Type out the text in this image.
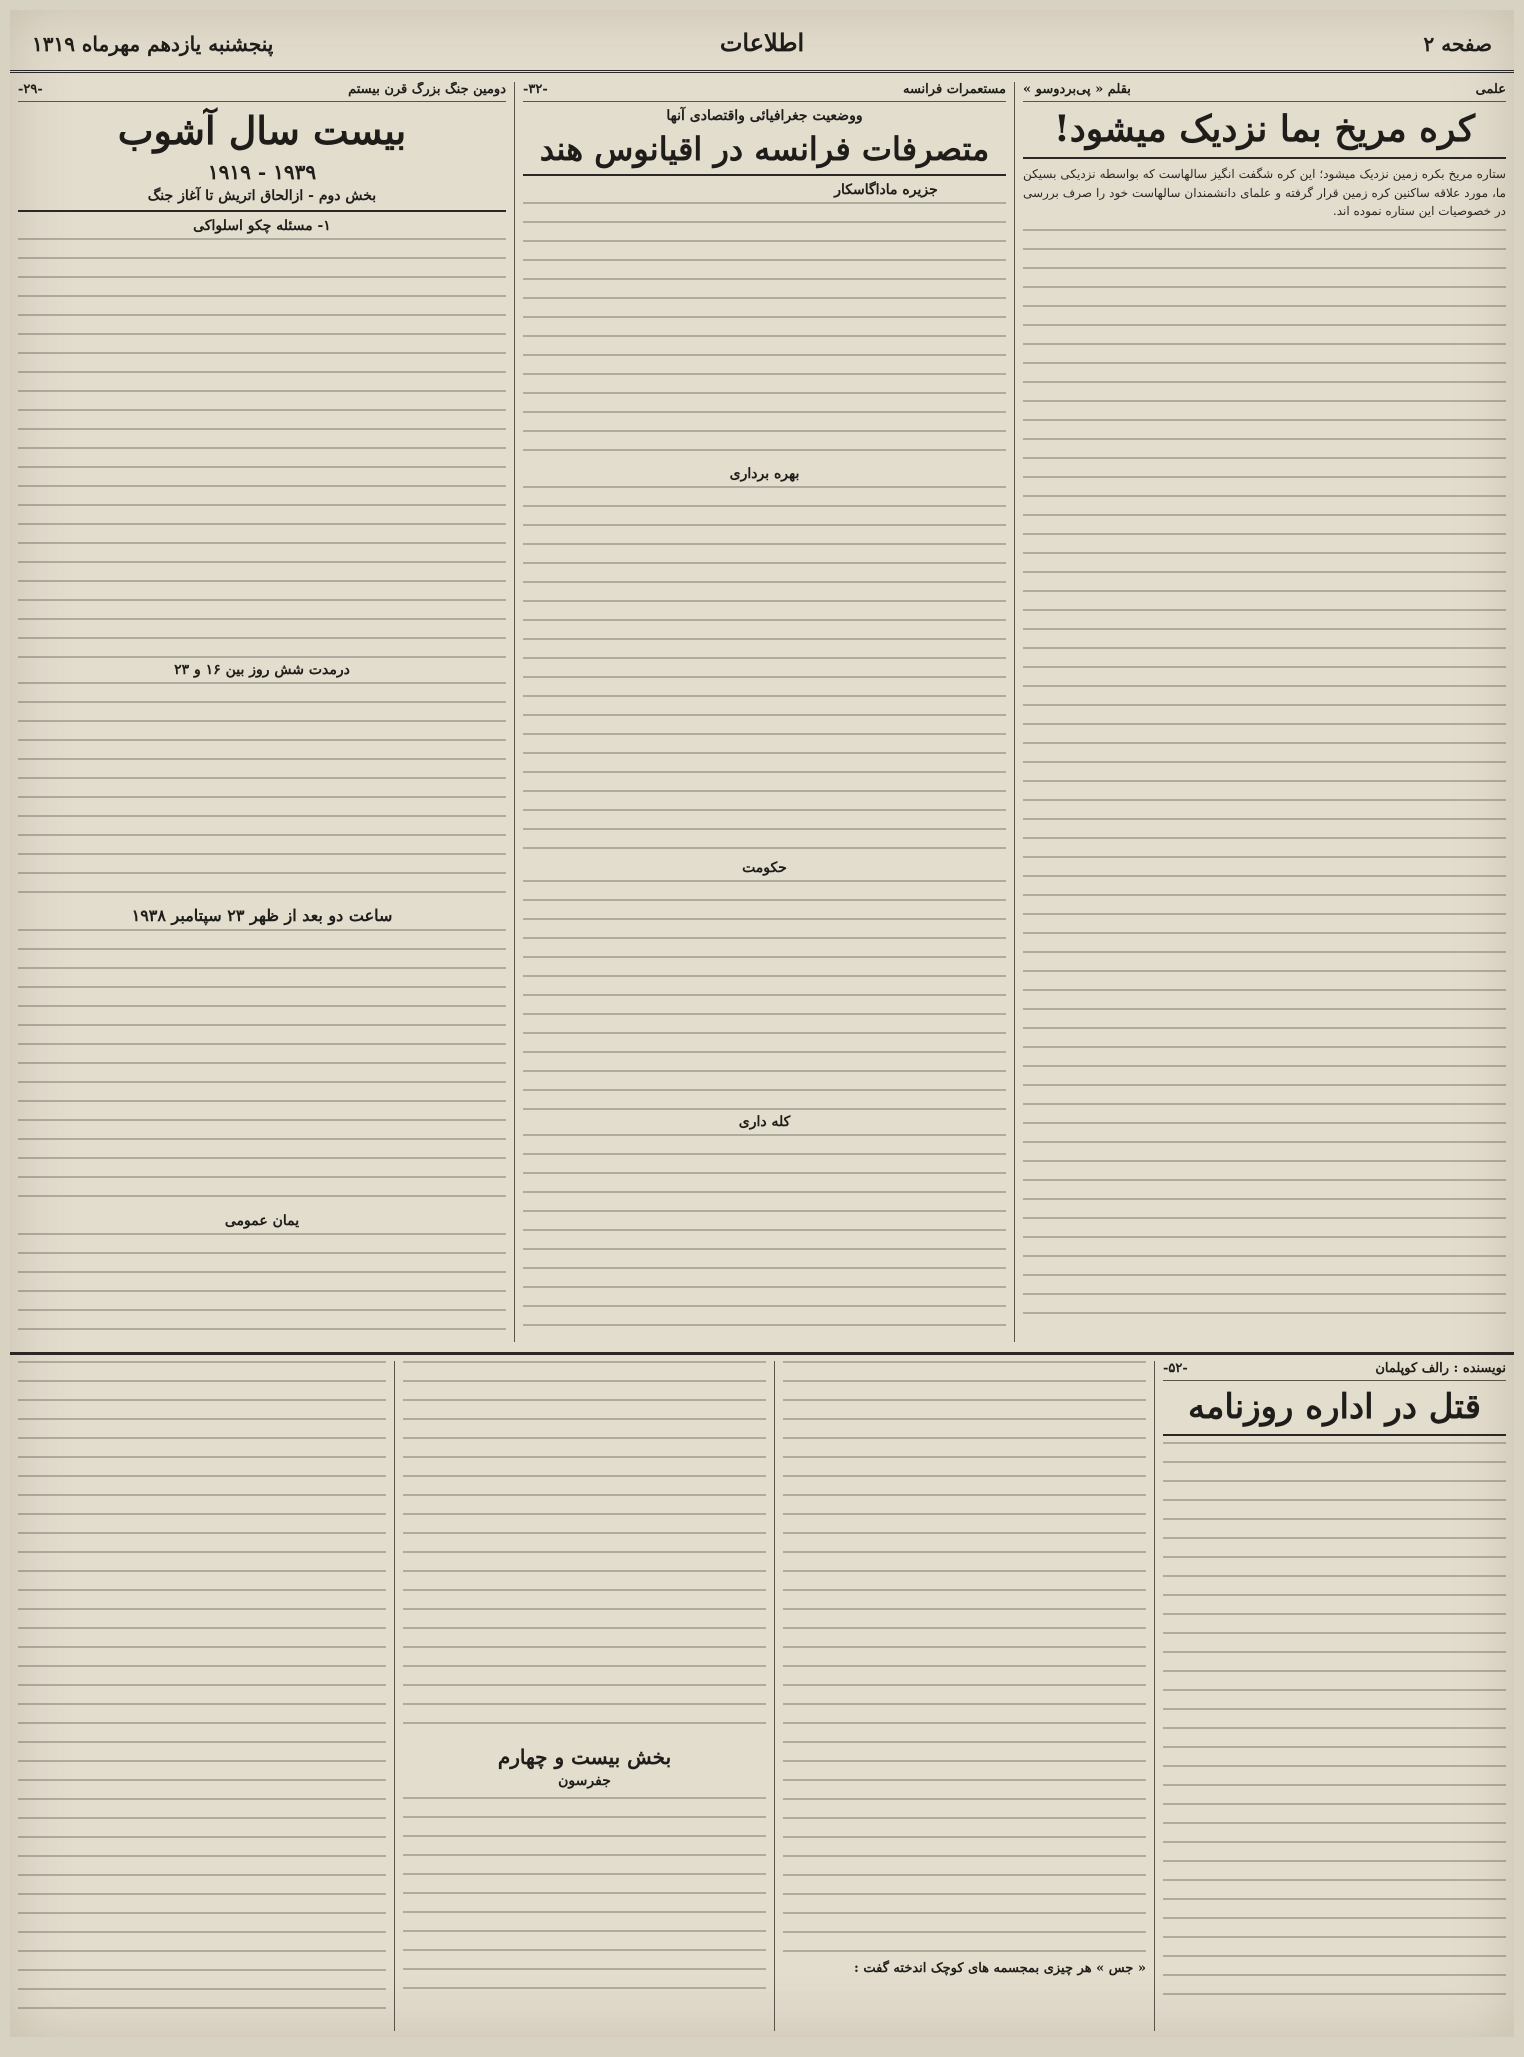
صفحه ۲
اطلاعات
پنجشنبه یازدهم مهرماه ۱۳۱۹
علمی
بقلم « پی‌بردوسو »
کره مریخ بما نزدیک میشود!
ستاره مریخ بکره زمین نزدیک میشود؛ این کره شگفت انگیز سالهاست که بواسطه نزدیکی بسیکن ما، مورد علاقه ساکنین کره زمین قرار گرفته و علمای دانشمندان سالهاست خود را صرف بررسی در خصوصیات این ستاره نموده اند.
مستعمرات فرانسه
-۳۲-
ووضعیت جغرافیائی واقتصادی آنها
متصرفات فرانسه در اقیانوس هند
جزیره ماداگاسکار
بهره برداری
حکومت
کله داری
دومین جنگ بزرگ قرن بیستم
-۲۹-
بیست سال آشوب
۱۹۳۹ - ۱۹۱۹
بخش دوم - ازالحاق اتریش تا آغاز جنگ
۱- مسئله چکو اسلواکی
درمدت شش روز بین ۱۶ و ۲۳
ساعت دو بعد از ظهر ۲۳ سپتامبر ۱۹۳۸
یمان عمومی
نویسنده : رالف کوپلمان
-۵۲-
قتل در اداره روزنامه
« جس » هر چیزی بمجسمه های کوچک اندخته گفت :
بخش بیست و چهارم
جفرسون
